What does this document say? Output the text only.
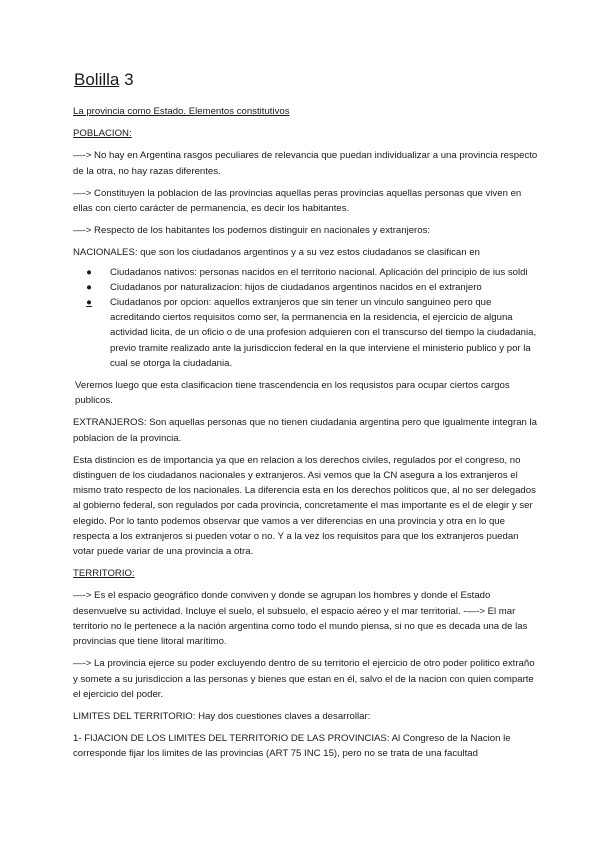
Bolilla 3
La provincia como Estado. Elementos constitutivos
POBLACION:
—-> No hay en Argentina rasgos peculiares de relevancia que puedan individualizar a una provincia respecto de la otra, no hay razas diferentes.
—-> Constituyen la poblacion de las provincias aquellas peras provincias aquellas personas que viven en ellas con cierto carácter de permanencia, es decir los habitantes.
—-> Respecto de los habitantes los podemos distinguir en nacionales y extranjeros:
NACIONALES: que son los ciudadanos argentinos y a su vez estos ciudadanos se clasifican en
● Ciudadanos nativos: personas nacidos en el territorio nacional. Aplicación del principio de ius soldi
● Ciudadanos por naturalizacion: hijos de ciudadanos argentinos nacidos en el extranjero
● Ciudadanos por opcion: aquellos extranjeros que sin tener un vinculo sanguineo pero que acreditando ciertos requisitos como ser, la permanencia en la residencia, el ejercicio de alguna actividad licita, de un oficio o de una profesion adquieren con el transcurso del tiempo la ciudadania, previo tramite realizado ante la jurisdiccion federal en la que interviene el ministerio publico y por la cual se otorga la ciudadania.
Veremos luego que esta clasificacion tiene trascendencia en los requsistos para ocupar ciertos cargos publicos.
EXTRANJEROS: Son aquellas personas que no tienen ciudadania argentina pero que igualmente integran la poblacion de la provincia.
Esta distincion es de importancia ya que en relacion a los derechos civiles, regulados por el congreso, no distinguen de los ciudadanos nacionales y extranjeros. Asi vemos que la CN asegura a los extranjeros el mismo trato respecto de los nacionales. La diferencia esta en los derechos politicos que, al no ser delegados al gobierno federal, son regulados por cada provincia, concretamente el mas importante es el de elegir y ser elegido. Por lo tanto podemos observar que vamos a ver diferencias en una provincia y otra en lo que respecta a los extranjeros si pueden votar o no. Y a la vez los requisitos para que los extranjeros puedan votar puede variar de una provincia a otra.
TERRITORIO:
—-> Es el espacio geográfico donde conviven y donde se agrupan los hombres y donde el Estado desenvuelve su actividad. Incluye el suelo, el subsuelo, el espacio aéreo y el mar territorial. -—-> El mar territorio no le pertenece a la nación argentina como todo el mundo piensa, si no que es decada una de las provincias que tiene litoral marítimo.
—-> La provincia ejerce su poder excluyendo dentro de su territorio el ejercicio de otro poder politico extraño y somete a su jurisdiccion a las personas y bienes que estan en él, salvo el de la nacion con quien comparte el ejercicio del poder.
LIMITES DEL TERRITORIO: Hay dos cuestiones claves a desarrollar:
1- FIJACION DE LOS LIMITES DEL TERRITORIO DE LAS PROVINCIAS: Al Congreso de la Nacion le corresponde fijar los limites de las provincias (ART 75 INC 15), pero no se trata de una facultad
